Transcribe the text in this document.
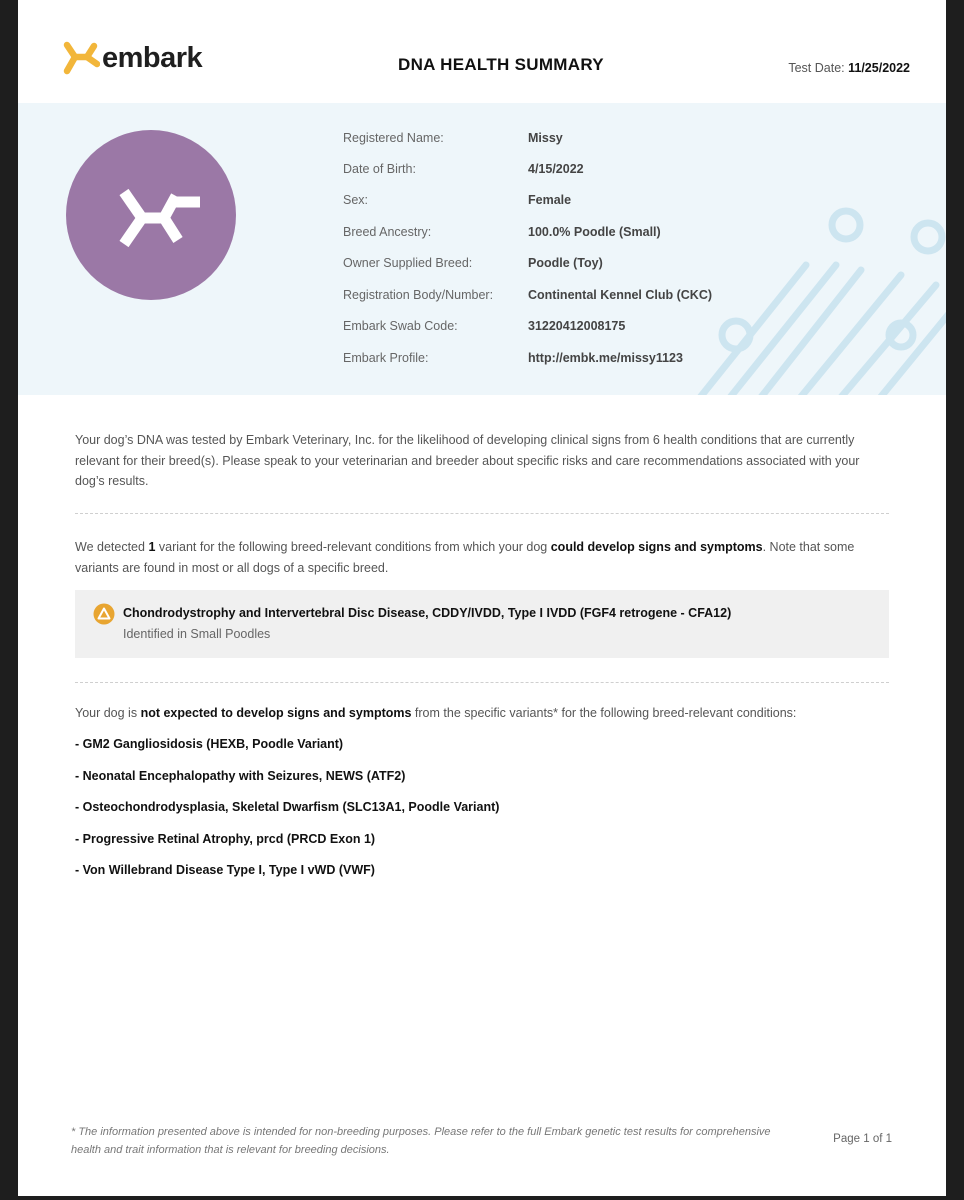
embark	DNA HEALTH SUMMARY	Test Date: 11/25/2022
Registered Name:	Missy
Date of Birth:	4/15/2022
Sex:	Female
Breed Ancestry:	100.0% Poodle (Small)
Owner Supplied Breed:	Poodle (Toy)
Registration Body/Number:	Continental Kennel Club (CKC)
Embark Swab Code:	31220412008175
Embark Profile:	http://embk.me/missy1123
Your dog’s DNA was tested by Embark Veterinary, Inc. for the likelihood of developing clinical signs from 6 health conditions that are currently relevant for their breed(s). Please speak to your veterinarian and breeder about specific risks and care recommendations associated with your dog’s results.
We detected 1 variant for the following breed-relevant conditions from which your dog could develop signs and symptoms. Note that some variants are found in most or all dogs of a specific breed.
Chondrodystrophy and Intervertebral Disc Disease, CDDY/IVDD, Type I IVDD (FGF4 retrogene - CFA12)
Identified in Small Poodles
Your dog is not expected to develop signs and symptoms from the specific variants* for the following breed-relevant conditions:
- GM2 Gangliosidosis (HEXB, Poodle Variant)
- Neonatal Encephalopathy with Seizures, NEWS (ATF2)
- Osteochondrodysplasia, Skeletal Dwarfism (SLC13A1, Poodle Variant)
- Progressive Retinal Atrophy, prcd (PRCD Exon 1)
- Von Willebrand Disease Type I, Type I vWD (VWF)
* The information presented above is intended for non-breeding purposes. Please refer to the full Embark genetic test results for comprehensive health and trait information that is relevant for breeding decisions.
Page 1 of 1
